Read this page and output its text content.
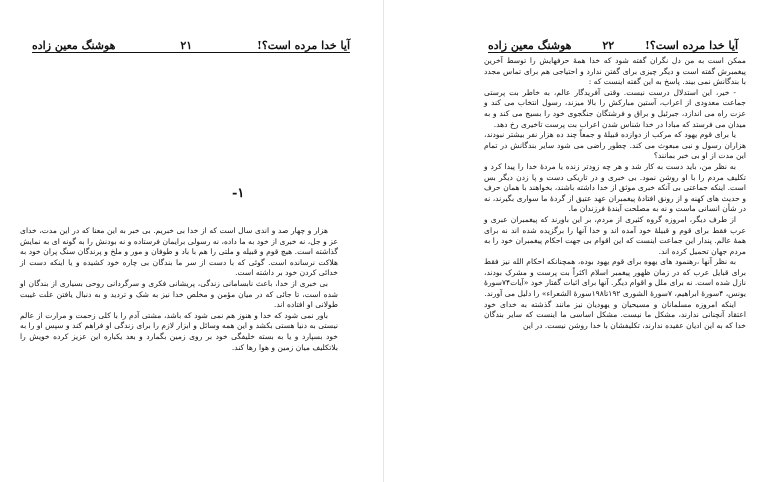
آیا خدا مرده است؟!
۲۱
هوشنگ معین زاده
-۱

هزار و چهار صد و اندی سال است که از خدا بی خبریم. بی خبر به این معنا که در این مدت، خدای عز و جل، نه خبری از خود به ما داده، نه رسولی برایمان فرستاده و نه بودنش را به گونه ای به نمایش گذاشته است. هیچ قوم و قبیله و ملتی را هم با باد و طوفان و مور و ملخ و پرندگان سنگ پران خود به هلاکت نرسانده است. گوئی که با دست از سر ما بندگان بی چاره خود کشیده و یا اینکه دست از خدائی کردن خود بر داشته است.

بی خبری از خدا، باعث نابسامانی زندگی، پریشانی فکری و سرگردانی روحی بسیاری از بندگان او شده است، تا جائی که در میان مؤمن و مخلص خدا نیز به شک و تردید و به دنبال یافتن علت غیبت طولانی او افتاده اند.

باور نمی شود که خدا و هنوز هم نمی شود که باشد، مشتی آدم را با کلی زحمت و مرارت از عالم نیستی به دنیا هستی بکشد و این همه وسائل و ابزار لازم را برای زندگی او فراهم کند و سپس او را به خود بسپارد و یا به بسته خلیفگی خود بر روی زمین بگمارد و بعد یکباره این عزیز کرده خویش را بلاتکلیف میان زمین و هوا رها کند.

آیا خدا مرده است؟!
۲۲
هوشنگ معین زاده

ممکن است به من دل نگران گفته شود که خدا همهٔ حرفهایش را توسط آخرین پیغمبرش گفته است و دیگر چیزی برای گفتن ندارد و احتیاجی هم برای تماس مجدد با بندگانش نمی بیند. پاسخ به این گفته اینست که :

- خیر، این استدلال درست نیست. وقتی آفریدگار عالم، به خاطر بت پرستی جماعت معدودی از اعراب، آستین مبارکش را بالا میزند، رسول انتخاب می کند و عزت راه می اندازد، جبرئیل و براق و فرشتگان جنگجوی خود را بسیج می کند و به میدان می فرستد که مبادا در خدا شناس شدن اعراب بت پرست تاخیری رخ دهد.

یا برای قوم یهود که مرکب از دوازده قبیلهٔ و جمعاً چند ده هزار نفر بیشتر نبودند، هزاران رسول و نبی مبعوث می کند. چطور راضی می شود سایر بندگانش در تمام این مدت از او بی خبر بمانند؟

به نظر من، باید دست به کار شد و هر چه زودتر زنده یا مردهٔ خدا را پیدا کرد و تکلیف مردم را با او روشن نمود. بی خبری و در تاریکی دست و پا زدن دیگر بس است. اینکه جماعتی بی آنکه خبری موثق از خدا داشته باشند، بخواهند با همان حرف و حدیث های کهنه و از رونق افتادهٔ پیغمبران عهد عتیق از گردهٔ ما سواری بگیرند، نه در شأن انسانی ماست و نه به مصلحت آیندهٔ فرزندان ما.

از طرف دیگر، امروزه گروه کثیری از مردم، بر این باورند که پیغمبران عبری و عرب فقط برای قوم و قبیلهٔ خود آمده اند و خدا آنها را برگزیده شده اند نه برای همهٔ عالم. پندار این جماعت اینست که این اقوام بی جهت احکام پیغمبران خود را به مردم جهان تحمیل کرده اند.

به نظر آنها ،رهنمود های یهوه برای قوم یهود بوده، همچنانکه احکام الله نیز فقط برای قبایل عرب که در زمان ظهور پیغمبر اسلام اکثراً بت پرست و مشرک بودند، نازل شده است. نه برای ملل و اقوام دیگر. آنها برای اثبات گفتار خود «آیات۷۴سورهٔ یونس، ۴سورهٔ ابراهیم، ۷سورهٔ الشوری ۱۹۲تا۱۹۸سورهٔ الشعراء» را دلیل می آورند.

اینکه امروزه مسلمانان و مسیحیان و یهودیان نیز مانند گذشته به خدای خود اعتقاد آنچنانی ندارند، مشکل ما نیست. مشکل اساسی ما اینست که سایر بندگان خدا که به این ادیان عقیده ندارند، تکلیفشان با خدا روشن نیست. در این
